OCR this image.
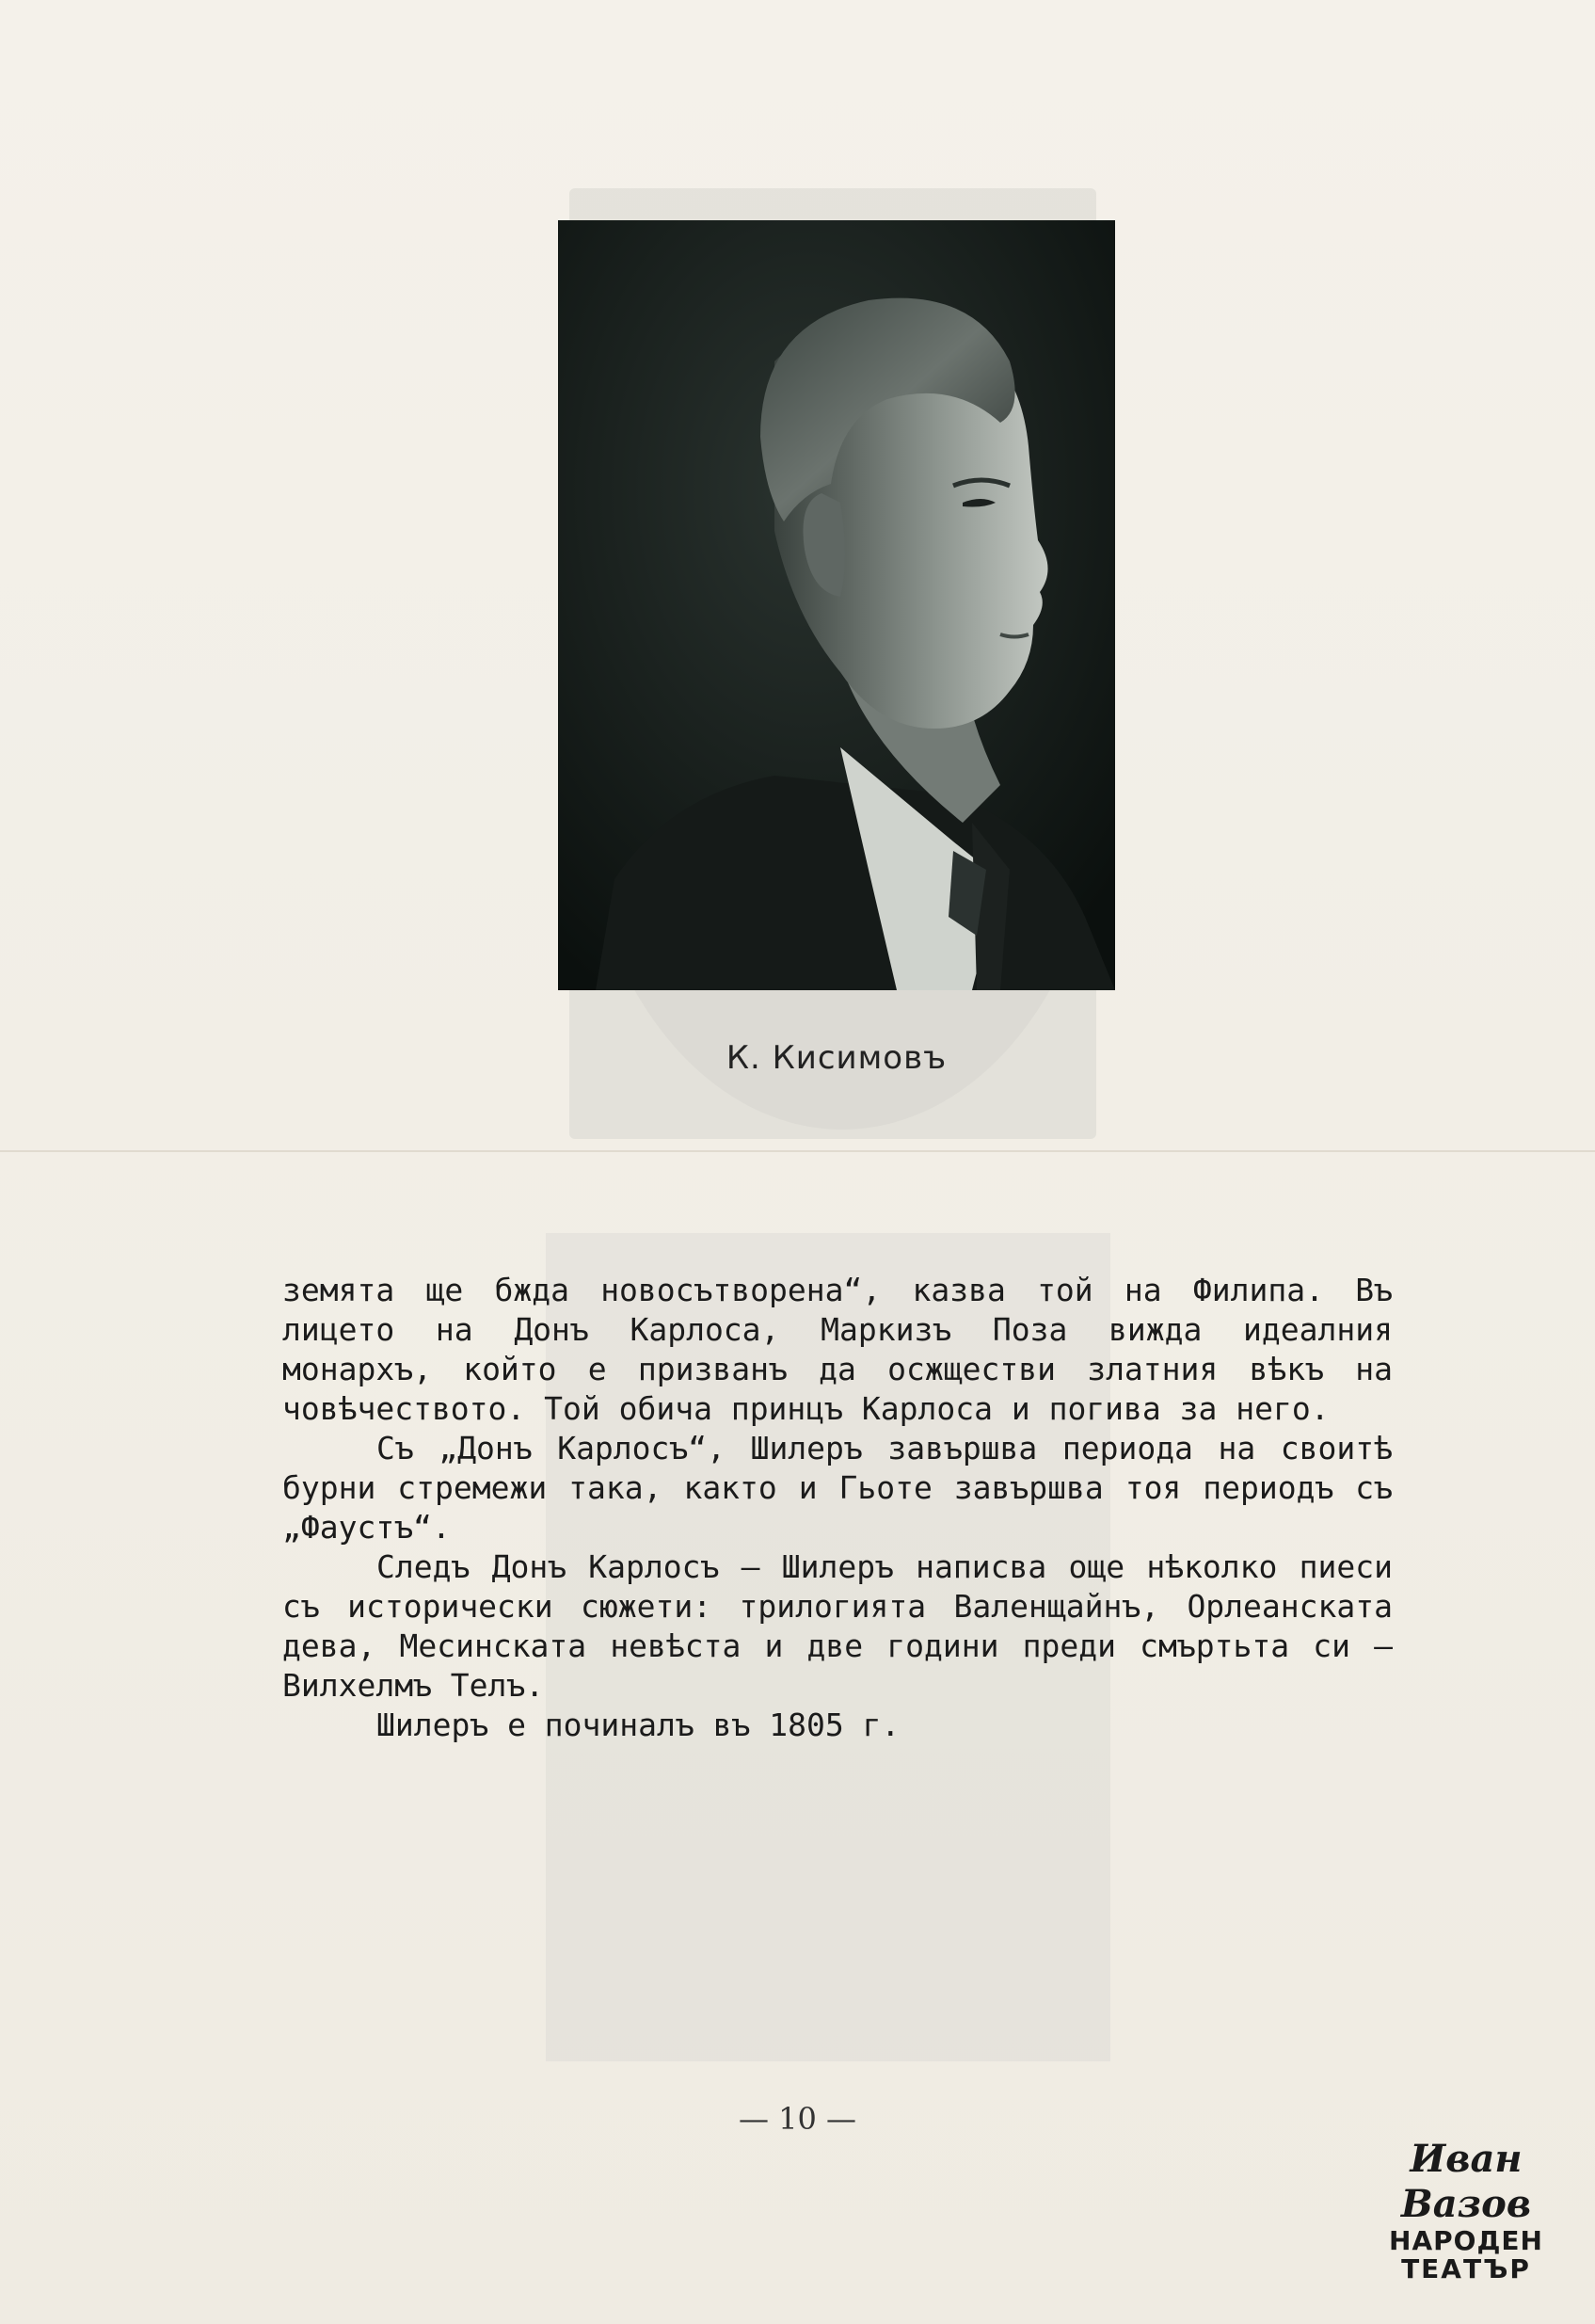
К. Кисимовъ

земята ще бжда новосътворена“, казва той на Филипа. Въ лицето на Донъ Карлоса, Маркизъ Поза вижда идеалния монархъ, който е призванъ да осжществи златния вѣкъ на човѣчеството. Той обича принцъ Карлоса и погива за него.

Съ „Донъ Карлосъ“, Шилеръ завършва периода на своитѣ бурни стремежи така, както и Гьоте завършва тоя периодъ съ „Фаустъ“.

Следъ Донъ Карлосъ — Шилеръ написва още нѣколко пиеси съ исторически сюжети: трилогията Валенщайнъ, Орлеанската дева, Месинската невѣста и две години преди смъртьта си — Вилхелмъ Телъ.

Шилеръ е починалъ въ 1805 г.

— 10 —
Иван Вазов
НАРОДЕН
ТЕАТЪР
